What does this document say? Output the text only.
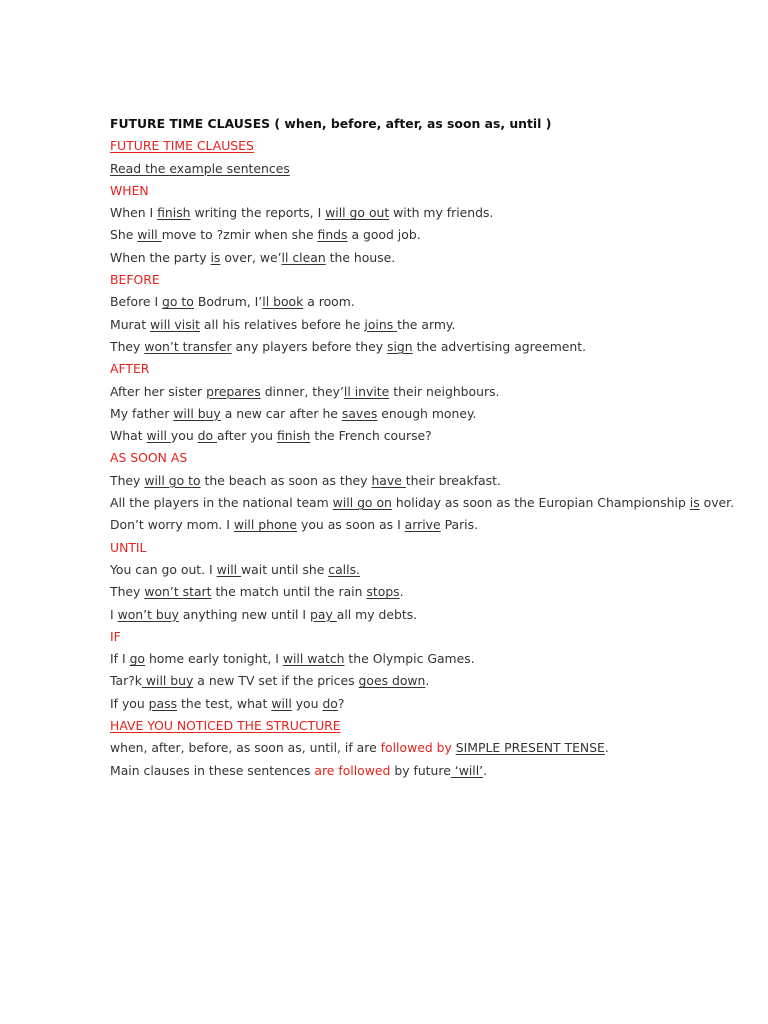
FUTURE TIME CLAUSES ( when, before, after, as soon as, until )

FUTURE TIME CLAUSES

Read the example sentences

WHEN

When I finish writing the reports, I will go out with my friends.

She will move to ?zmir when she finds a good job.

When the party is over, we’ll clean the house.

BEFORE

Before I go to Bodrum, I’ll book a room.

Murat will visit all his relatives before he joins the army.

They won’t transfer any players before they sign the advertising agreement.

AFTER

After her sister prepares dinner, they’ll invite their neighbours.

My father will buy a new car after he saves enough money.

What will you do after you finish the French course?

AS SOON AS

They will go to the beach as soon as they have their breakfast.

All the players in the national team will go on holiday as soon as the Europian Championship is over.

Don’t worry mom. I will phone you as soon as I arrive Paris.

UNTIL

You can go out. I will wait until she calls.

They won’t start the match until the rain stops.

I won’t buy anything new until I pay all my debts.

IF

If I go home early tonight, I will watch the Olympic Games.

Tar?k will buy a new TV set if the prices goes down.

If you pass the test, what will you do?

HAVE YOU NOTICED THE STRUCTURE

when, after, before, as soon as, until, if are followed by SIMPLE PRESENT TENSE.

Main clauses in these sentences are followed by future ‘will’.
